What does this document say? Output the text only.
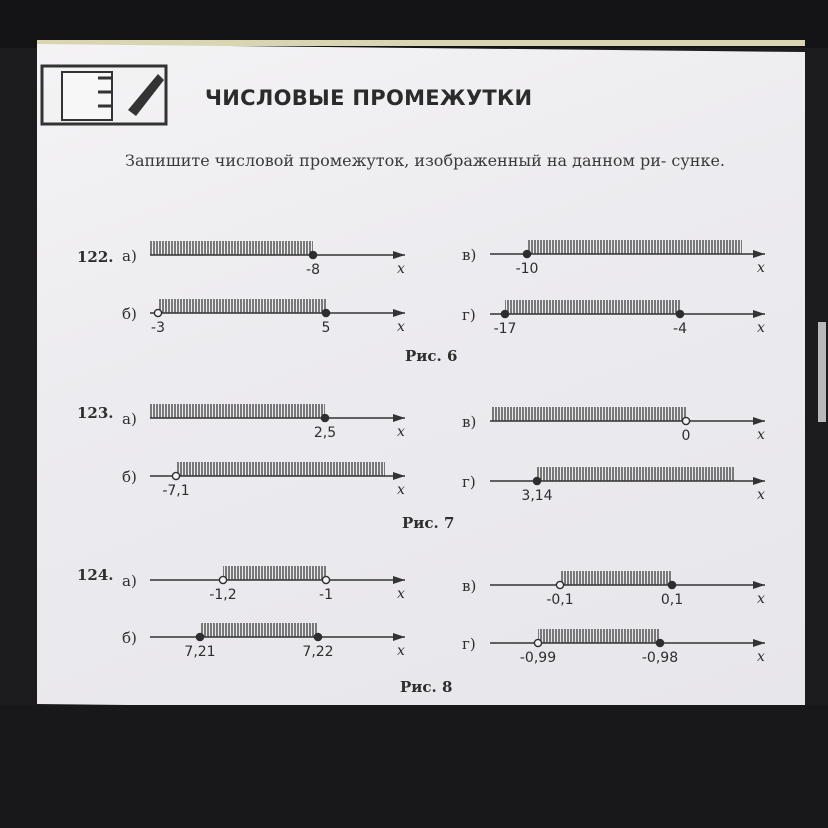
ЧИСЛОВЫЕ ПРОМЕЖУТКИ
Запишите числовой промежуток, изображенный на данном ри- сунке.
122.
Рис. 6
а)
x
-8
в)
x
-10
б)
x
-3	5
г)
x
-17	-4
123.
Рис. 7
а)
x
2,5
в)
x
0
б)
x
-7,1	г)
x
3,14
124.
Рис. 8
а)
x
-1,2	-1	в)
x
-0,1	0,1
б)
x
7,21	7,22	г)
x
-0,99	-0,98
